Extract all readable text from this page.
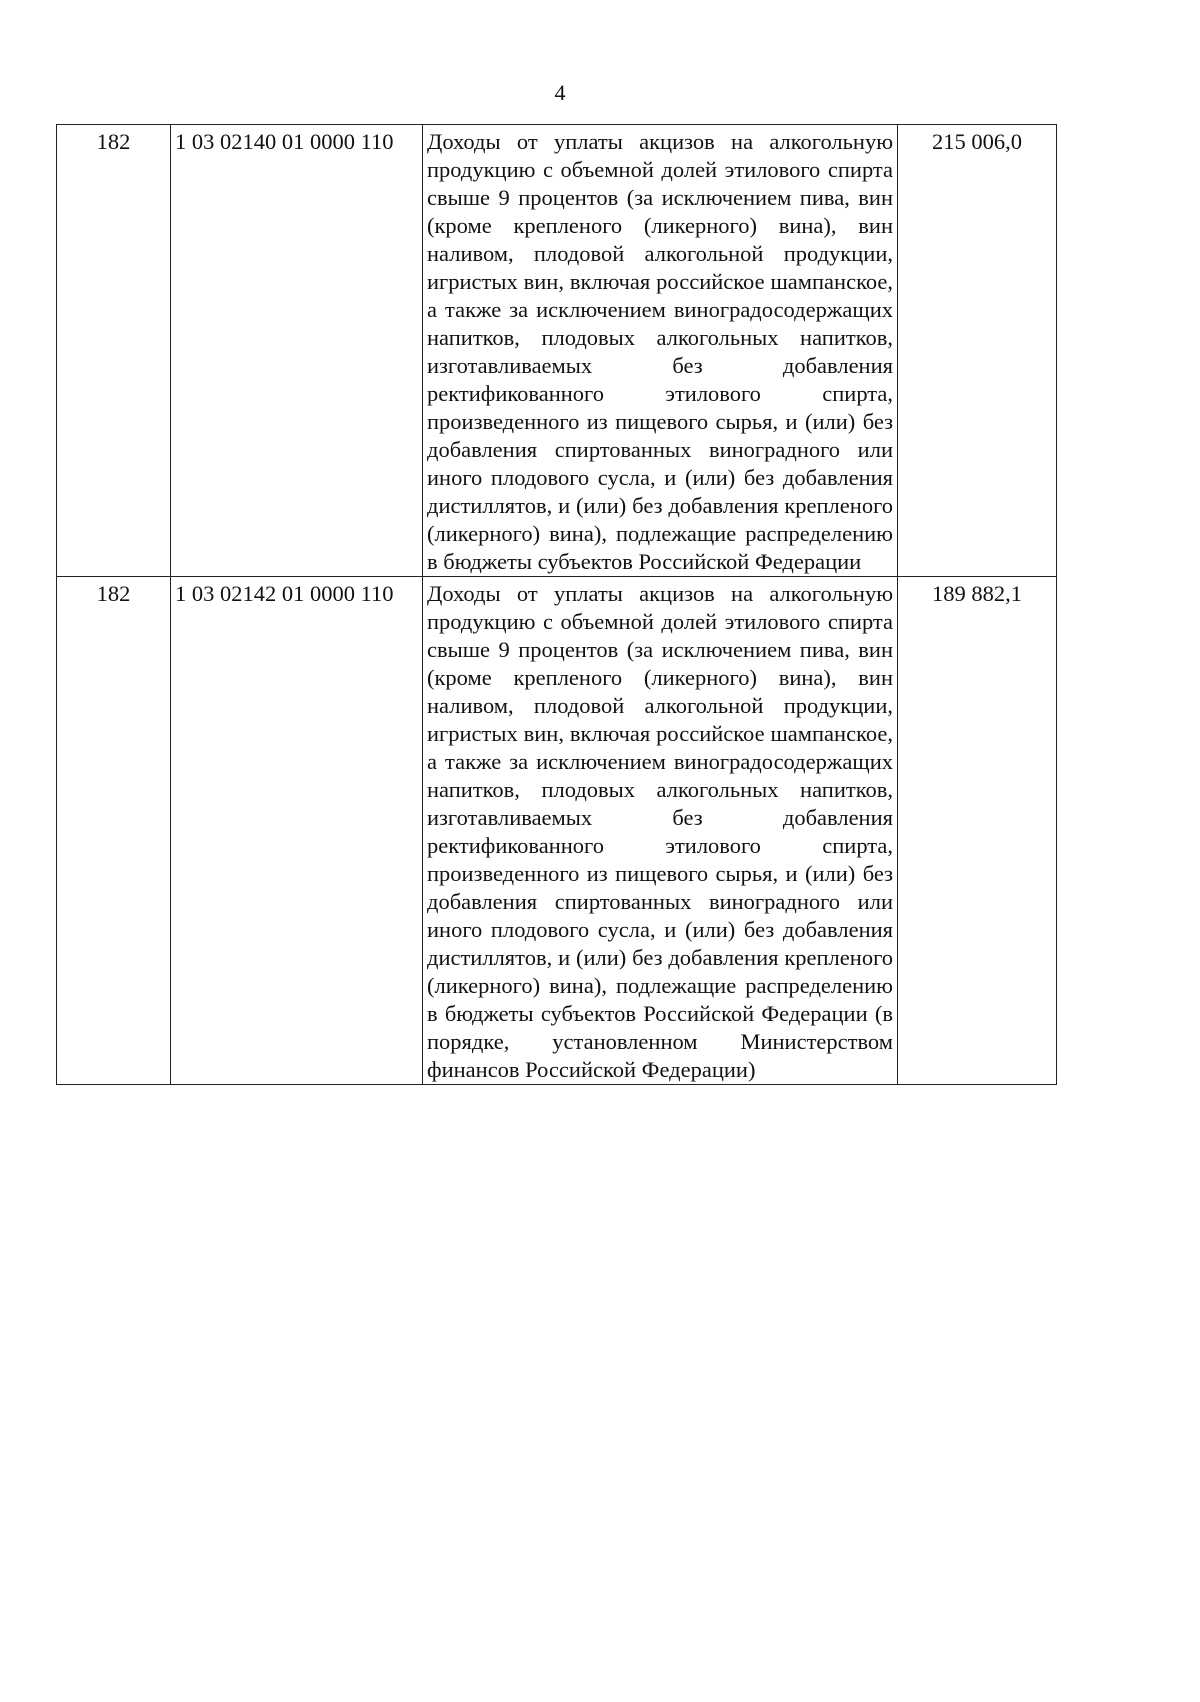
4
182	1 03 02140 01 0000 110	Доходы от уплаты акцизов на алкогольную продукцию с объемной долей этилового спирта свыше 9 процентов (за исключением пива, вин (кроме крепленого (ликерного) вина), вин наливом, плодовой алкогольной продукции, игристых вин, включая российское шампанское, а также за исключением виноградосодержащих напитков, плодовых алкогольных напитков, изготавливаемых без добавления ректификованного этилового спирта, произведенного из пищевого сырья, и (или) без добавления спиртованных виноградного или иного плодового сусла, и (или) без добавления дистиллятов, и (или) без добавления крепленого (ликерного) вина), подлежащие распределению в бюджеты субъектов Российской Федерации	215 006,0
182	1 03 02142 01 0000 110	Доходы от уплаты акцизов на алкогольную продукцию с объемной долей этилового спирта свыше 9 процентов (за исключением пива, вин (кроме крепленого (ликерного) вина), вин наливом, плодовой алкогольной продукции, игристых вин, включая российское шампанское, а также за исключением виноградосодержащих напитков, плодовых алкогольных напитков, изготавливаемых без добавления ректификованного этилового спирта, произведенного из пищевого сырья, и (или) без добавления спиртованных виноградного или иного плодового сусла, и (или) без добавления дистиллятов, и (или) без добавления крепленого (ликерного) вина), подлежащие распределению в бюджеты субъектов Российской Федерации (в порядке, установленном Министерством финансов Российской Федерации)	189 882,1
